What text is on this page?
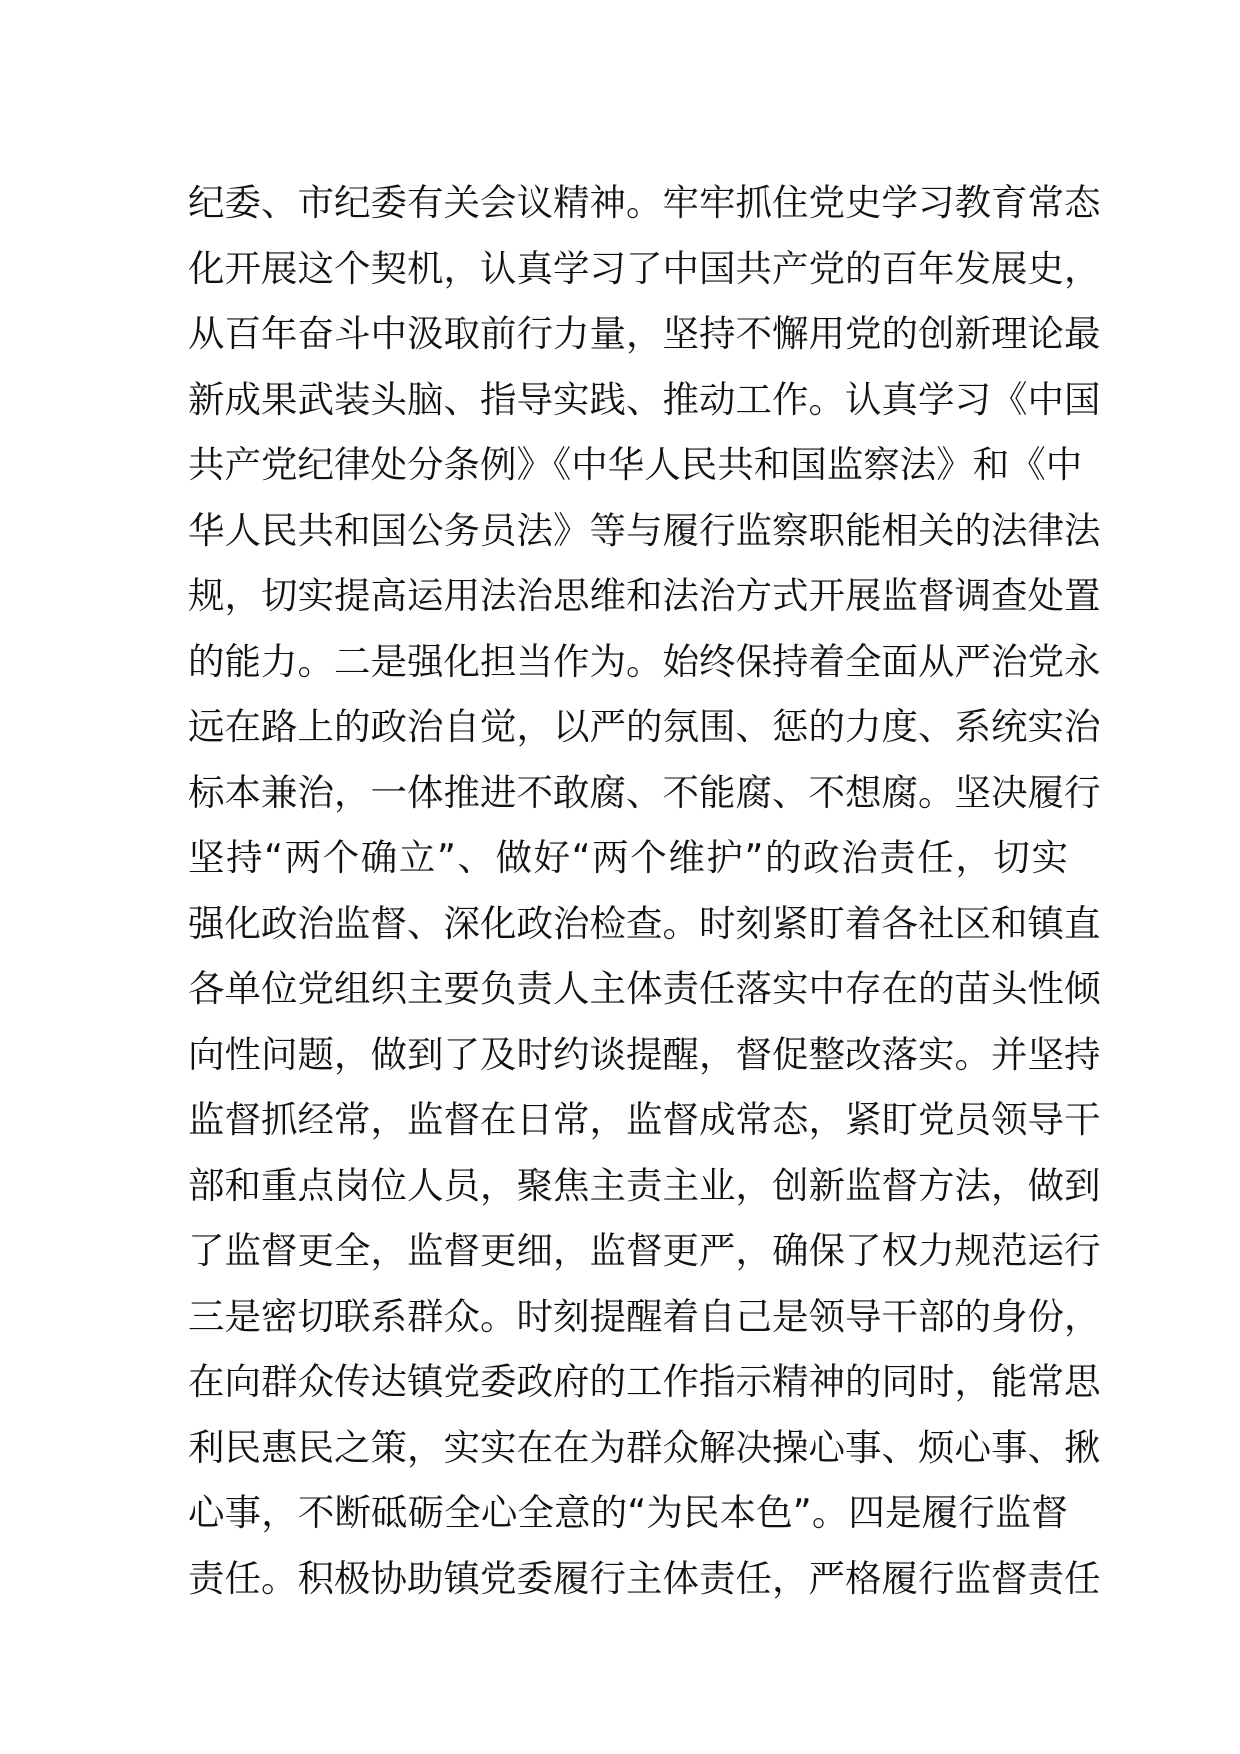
纪委、市纪委有关会议精神。牢牢抓住党史学习教育常态
化开展这个契机，认真学习了中国共产党的百年发展史，
从百年奋斗中汲取前行力量，坚持不懈用党的创新理论最
新成果武装头脑、指导实践、推动工作。认真学习《中国
共产党纪律处分条例》《中华人民共和国监察法》和《中
华人民共和国公务员法》等与履行监察职能相关的法律法
规，切实提高运用法治思维和法治方式开展监督调查处置
的能力。二是强化担当作为。始终保持着全面从严治党永
远在路上的政治自觉，以严的氛围、惩的力度、系统实治
标本兼治，一体推进不敢腐、不能腐、不想腐。坚决履行
坚持“两个确立”、做好“两个维护”的政治责任，切实
强化政治监督、深化政治检查。时刻紧盯着各社区和镇直
各单位党组织主要负责人主体责任落实中存在的苗头性倾
向性问题，做到了及时约谈提醒，督促整改落实。并坚持
监督抓经常，监督在日常，监督成常态，紧盯党员领导干
部和重点岗位人员，聚焦主责主业，创新监督方法，做到
了监督更全，监督更细，监督更严，确保了权力规范运行
三是密切联系群众。时刻提醒着自己是领导干部的身份，
在向群众传达镇党委政府的工作指示精神的同时，能常思
利民惠民之策，实实在在为群众解决操心事、烦心事、揪
心事，不断砥砺全心全意的“为民本色”。四是履行监督
责任。积极协助镇党委履行主体责任，严格履行监督责任
